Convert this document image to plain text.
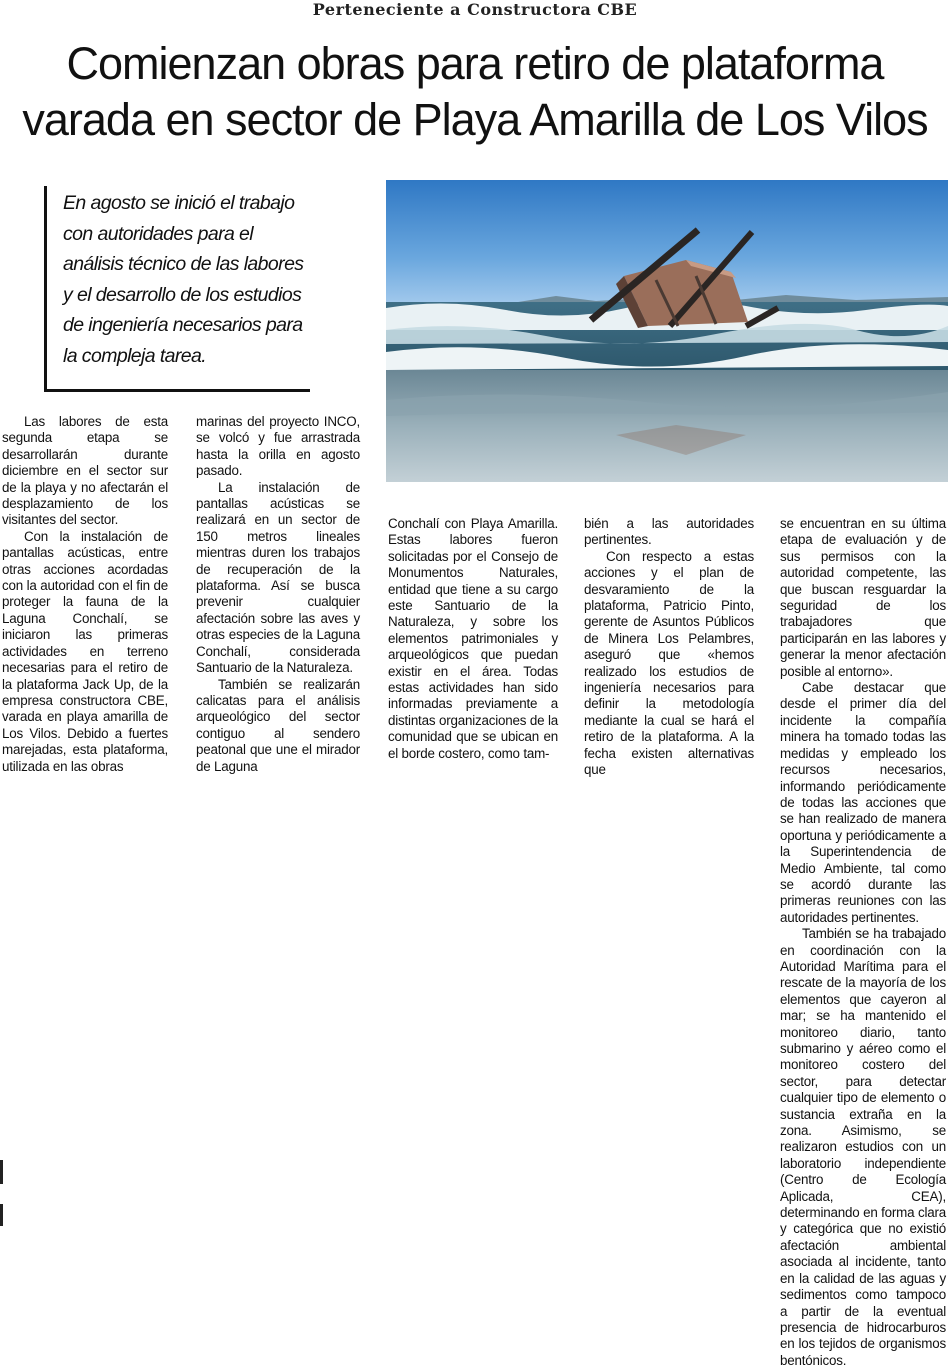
Perteneciente a Constructora CBE
Comienzan obras para retiro de plataforma
varada en sector de Playa Amarilla de Los Vilos

En agosto se inició el trabajo con autoridades para el análisis técnico de las labores y el desarrollo de los estudios de ingeniería necesarios para la compleja tarea.

Las labores de esta segunda etapa se desarrollarán durante diciembre en el sector sur de la playa y no afectarán el desplazamiento de los visitantes del sector.

Con la instalación de pantallas acústicas, entre otras acciones acordadas con la autoridad con el fin de proteger la fauna de la Laguna Conchalí, se iniciaron las primeras actividades en terreno necesarias para el retiro de la plataforma Jack Up, de la empresa constructora CBE, varada en playa amarilla de Los Vilos. Debido a fuertes marejadas, esta plataforma, utilizada en las obras

marinas del proyecto INCO, se volcó y fue arrastrada hasta la orilla en agosto pasado.

La instalación de pantallas acústicas se realizará en un sector de 150 metros lineales mientras duren los trabajos de recuperación de la plataforma. Así se busca prevenir cualquier afectación sobre las aves y otras especies de la Laguna Conchalí, considerada Santuario de la Naturaleza.

También se realizarán calicatas para el análisis arqueológico del sector contiguo al sendero peatonal que une el mirador de Laguna

Conchalí con Playa Amarilla. Estas labores fueron solicitadas por el Consejo de Monumentos Naturales, entidad que tiene a su cargo este Santuario de la Naturaleza, y sobre los elementos patrimoniales y arqueológicos que puedan existir en el área. Todas estas actividades han sido informadas previamente a distintas organizaciones de la comunidad que se ubican en el borde costero, como tam-

bién a las autoridades pertinentes.

Con respecto a estas acciones y el plan de desvaramiento de la plataforma, Patricio Pinto, gerente de Asuntos Públicos de Minera Los Pelambres, aseguró que «hemos realizado los estudios de ingeniería necesarios para definir la metodología mediante la cual se hará el retiro de la plataforma. A la fecha existen alternativas que

se encuentran en su última etapa de evaluación y de sus permisos con la autoridad competente, las que buscan resguardar la seguridad de los trabajadores que participarán en las labores y generar la menor afectación posible al entorno».

Cabe destacar que desde el primer día del incidente la compañía minera ha tomado todas las medidas y empleado los recursos necesarios, informando periódicamente de todas las acciones que se han realizado de manera oportuna y periódicamente a la Superintendencia de Medio Ambiente, tal como se acordó durante las primeras reuniones con las autoridades pertinentes.

También se ha trabajado en coordinación con la Autoridad Marítima para el rescate de la mayoría de los elementos que cayeron al mar; se ha mantenido el monitoreo diario, tanto submarino y aéreo como el monitoreo costero del sector, para detectar cualquier tipo de elemento o sustancia extraña en la zona. Asimismo, se realizaron estudios con un laboratorio independiente (Centro de Ecología Aplicada, CEA), determinando en forma clara y categórica que no existió afectación ambiental asociada al incidente, tanto en la calidad de las aguas y sedimentos como tampoco a partir de la eventual presencia de hidrocarburos en los tejidos de organismos bentónicos.
